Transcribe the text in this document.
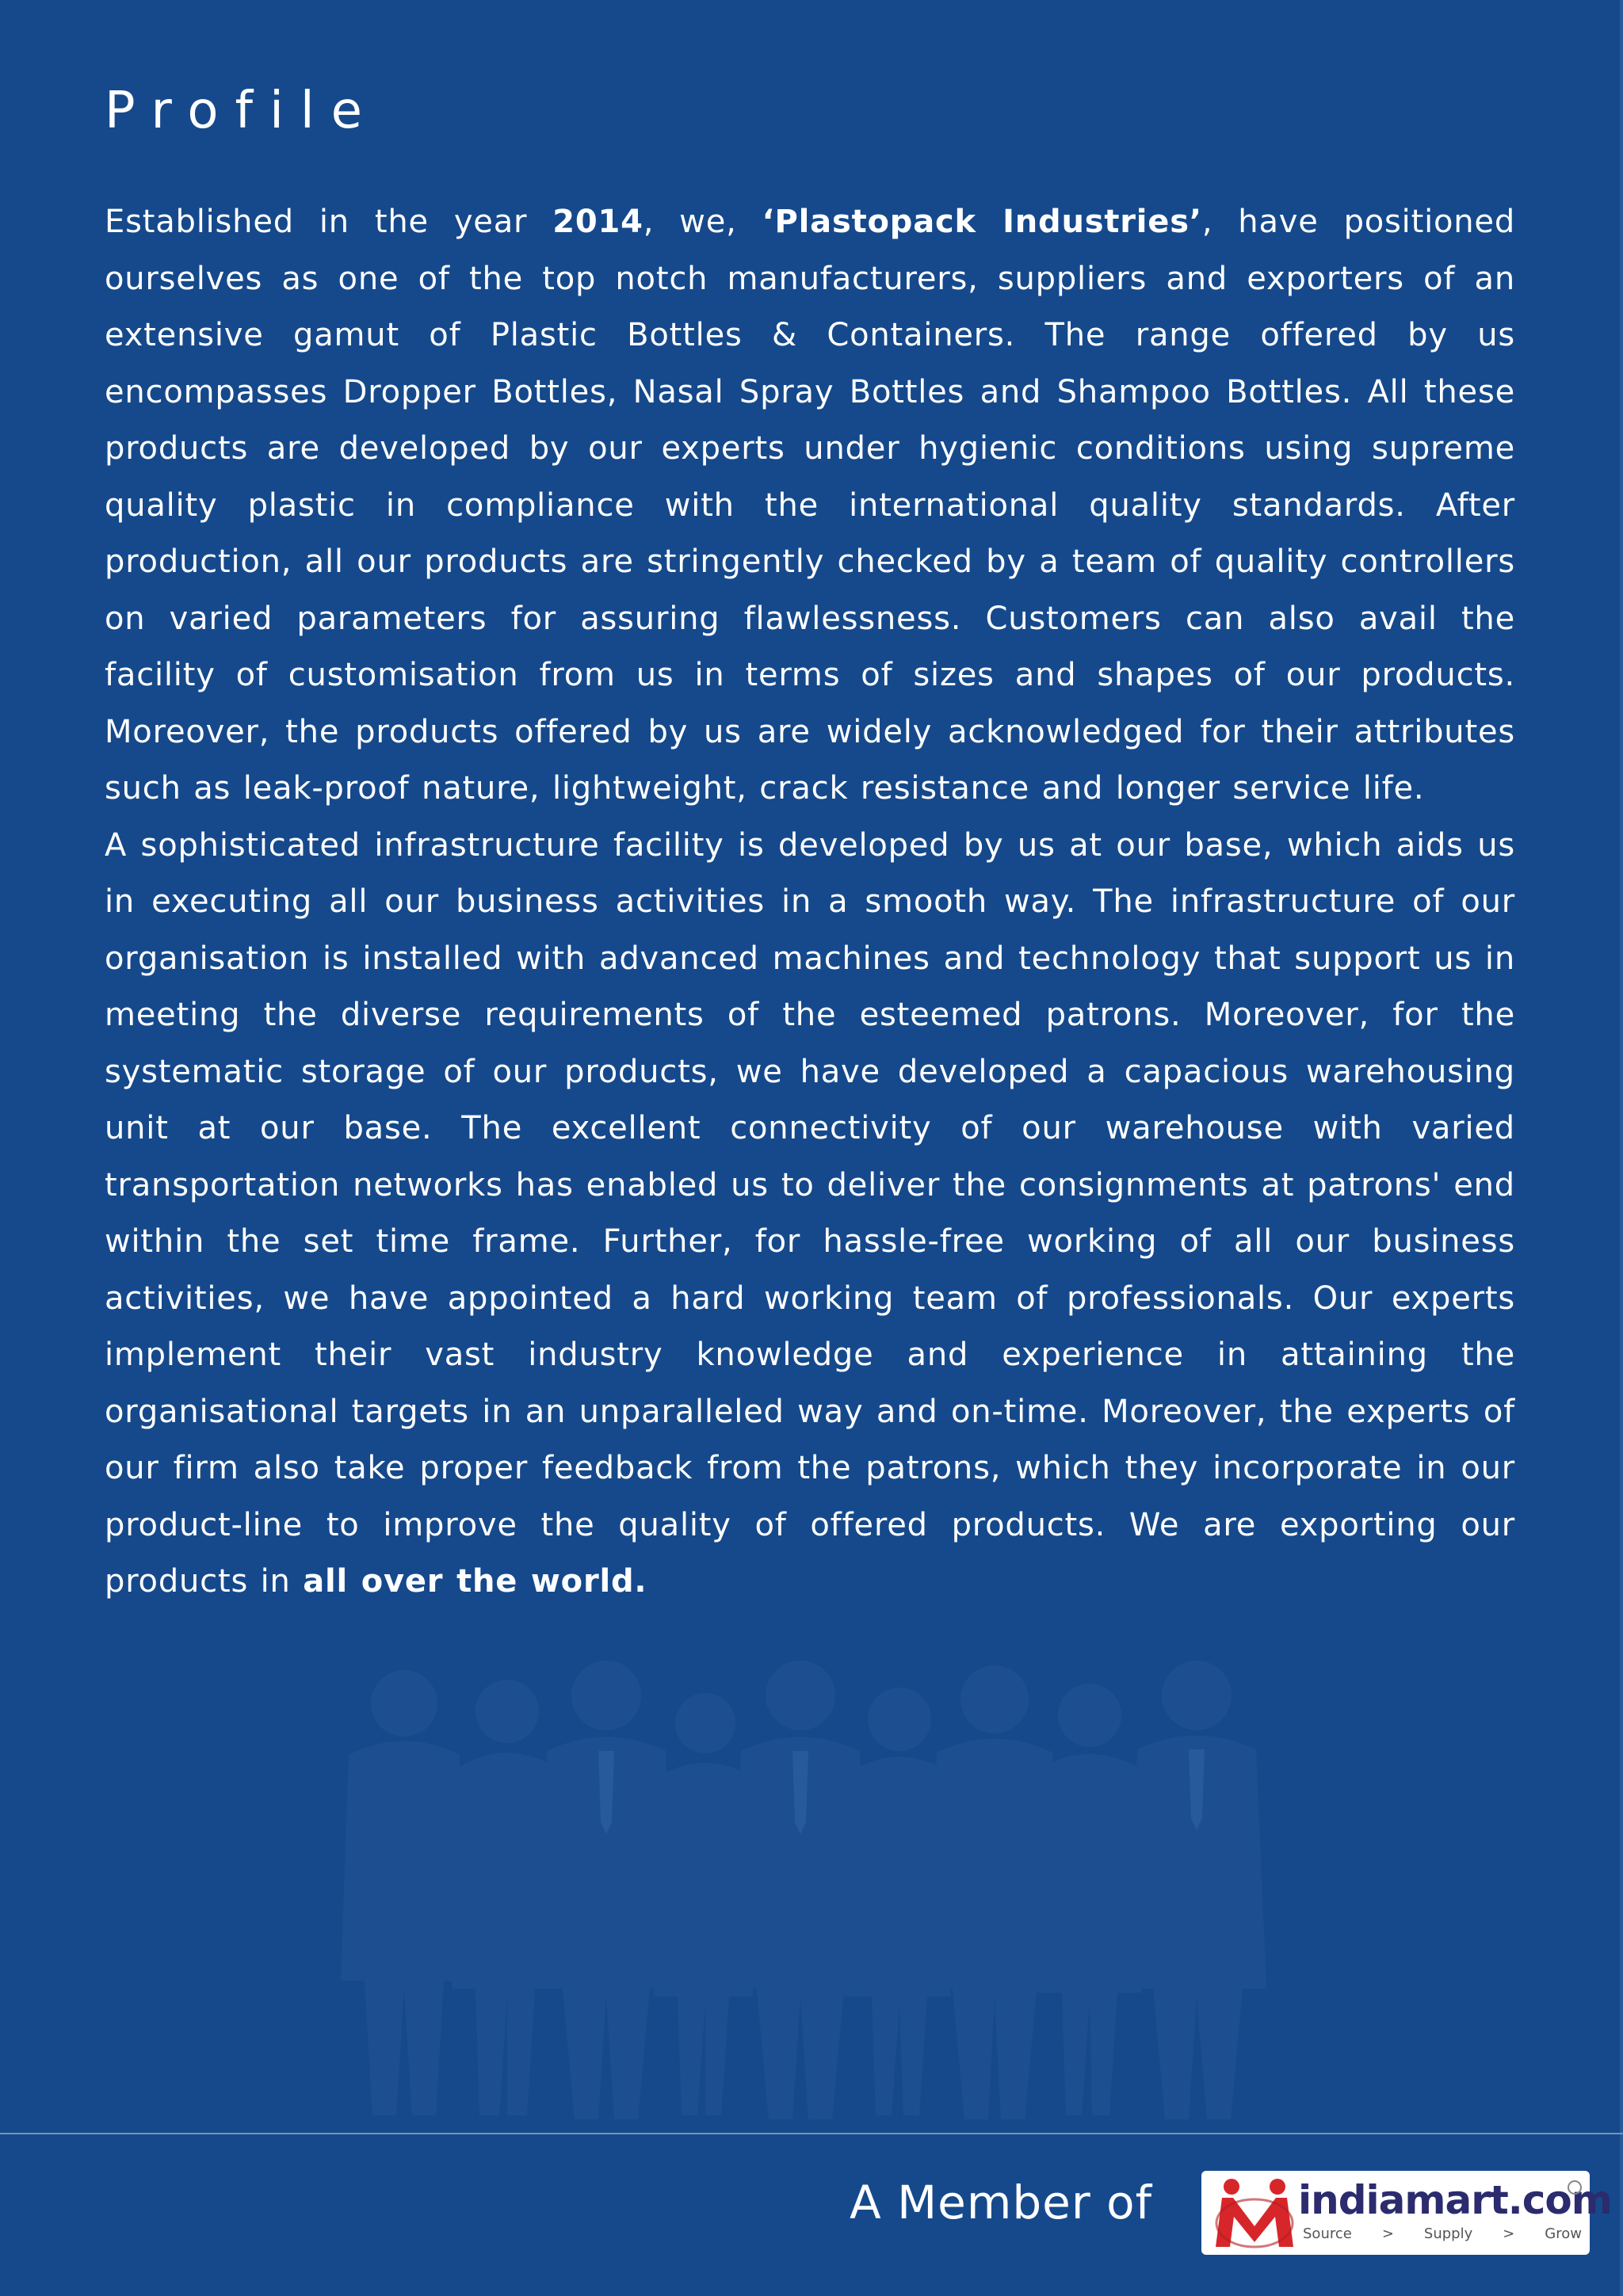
Profile

Established in the year 2014, we, ‘Plastopack Industries’, have positioned ourselves as one of the top notch manufacturers, suppliers and exporters of an extensive gamut of Plastic Bottles & Containers. The range offered by us encompasses Dropper Bottles, Nasal Spray Bottles and Shampoo Bottles. All these products are developed by our experts under hygienic conditions using supreme quality plastic in compliance with the international quality standards. After production, all our products are stringently checked by a team of quality controllers on varied parameters for assuring flawlessness. Customers can also avail the facility of customisation from us in terms of sizes and shapes of our products. Moreover, the products offered by us are widely acknowledged for their attributes such as leak-proof nature, lightweight, crack resistance and longer service life.

A sophisticated infrastructure facility is developed by us at our base, which aids us in executing all our business activities in a smooth way. The infrastructure of our organisation is installed with advanced machines and technology that support us in meeting the diverse requirements of the esteemed patrons. Moreover, for the systematic storage of our products, we have developed a capacious warehousing unit at our base. The excellent connectivity of our warehouse with varied transportation networks has enabled us to deliver the consignments at patrons' end within the set time frame. Further, for hassle-free working of all our business activities, we have appointed a hard working team of professionals. Our experts implement their vast industry knowledge and experience in attaining the organisational targets in an unparalleled way and on-time. Moreover, the experts of our firm also take proper feedback from the patrons, which they incorporate in our product-line to improve the quality of offered products. We are exporting our products in all over the world.

A Member of	indiamart.com
Source > Supply > Grow
